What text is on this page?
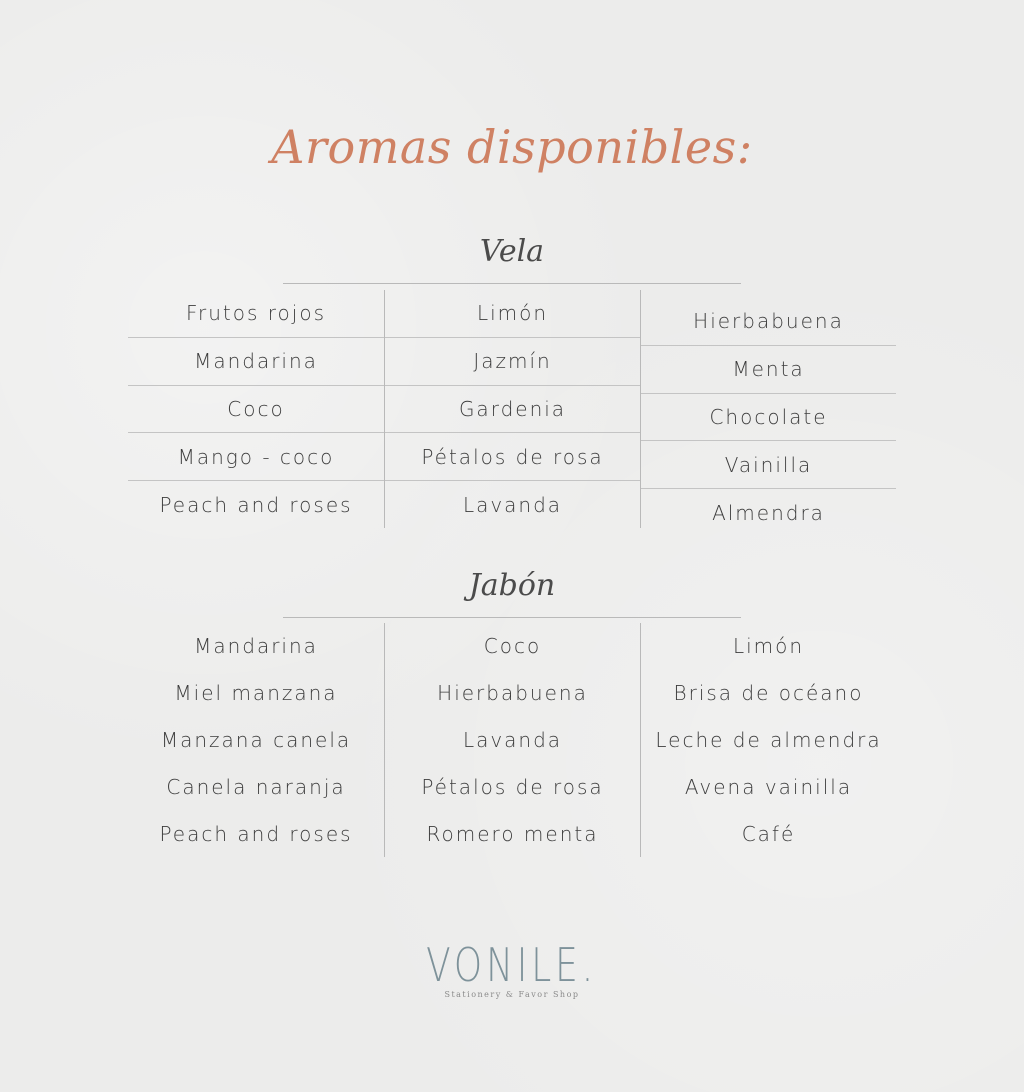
Aromas disponibles:
Vela
Frutos rojos
Mandarina
Coco
Mango - coco
Peach and roses
Limón
Jazmín
Gardenia
Pétalos de rosa
Lavanda
Hierbabuena
Menta
Chocolate
Vainilla
Almendra
Jabón
Mandarina
Miel manzana
Manzana canela
Canela naranja
Peach and roses
Coco
Hierbabuena
Lavanda
Pétalos de rosa
Romero menta
Limón
Brisa de océano
Leche de almendra
Avena vainilla
Café
VONILE.
Stationery & Favor Shop
